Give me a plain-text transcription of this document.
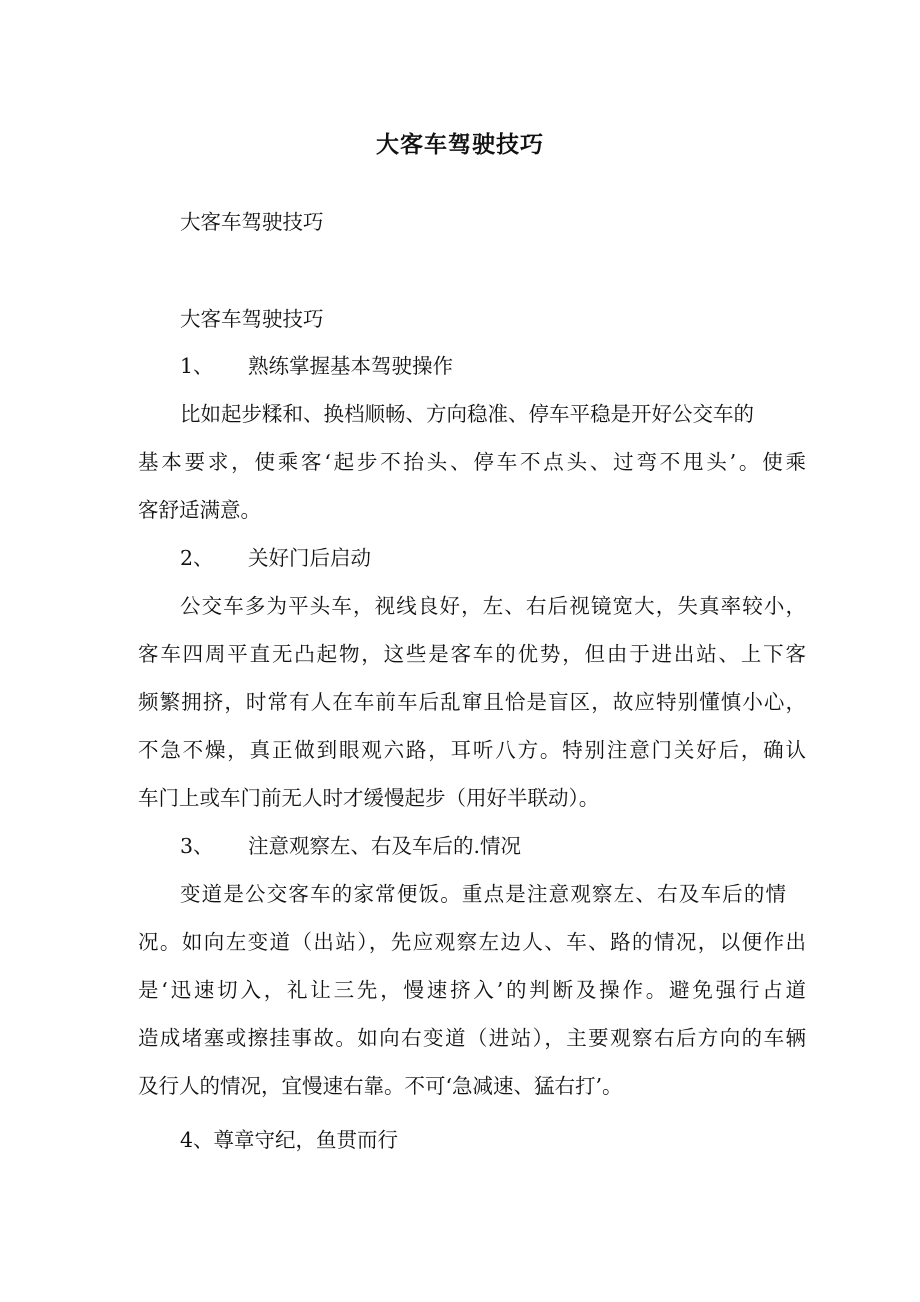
大客车驾驶技巧
大客车驾驶技巧
大客车驾驶技巧
1、 熟练掌握基本驾驶操作
比如起步糅和、换档顺畅、方向稳准、停车平稳是开好公交车的
基本要求，使乘客‘起步不抬头、停车不点头、过弯不甩头’。使乘
客舒适满意。
2、 关好门后启动
公交车多为平头车，视线良好，左、右后视镜宽大，失真率较小，
客车四周平直无凸起物，这些是客车的优势，但由于进出站、上下客
频繁拥挤，时常有人在车前车后乱窜且恰是盲区，故应特别懂慎小心，
不急不燥，真正做到眼观六路，耳听八方。特别注意门关好后，确认
车门上或车门前无人时才缓慢起步（用好半联动）。
3、 注意观察左、右及车后的.情况
变道是公交客车的家常便饭。重点是注意观察左、右及车后的情
况。如向左变道（出站），先应观察左边人、车、路的情况，以便作出
是‘迅速切入，礼让三先，慢速挤入’的判断及操作。避免强行占道
造成堵塞或擦挂事故。如向右变道（进站），主要观察右后方向的车辆
及行人的情况，宜慢速右靠。不可‘急减速、猛右打’。
4、尊章守纪，鱼贯而行
